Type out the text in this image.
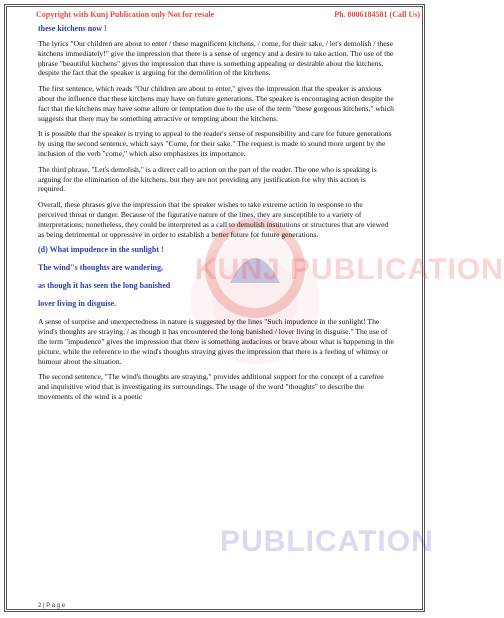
KUNJ PUBLICATION
PUBLICATION
Copyright with Kunj Publication only Not for resale	Ph. 8006184581 (Call Us)
these kitchens now !

The lyrics "Our children are about to enter / these magnificent kitchens, / come, for their sake, / let's demolish / these kitchens immediately!" give the impression that there is a sense of urgency and a desire to take action. The use of the phrase "beautiful kitchens" gives the impression that there is something appealing or desirable about the kitchens, despite the fact that the speaker is arguing for the demolition of the kitchens.

The first sentence, which reads "Our children are about to enter," gives the impression that the speaker is anxious about the influence that these kitchens may have on future generations. The speaker is encouraging action despite the fact that the kitchens may have some allure or temptation due to the use of the term "these gorgeous kitchens," which suggests that there may be something attractive or tempting about the kitchens.

It is possible that the speaker is trying to appeal to the reader's sense of responsibility and care for future generations by using the second sentence, which says "Come, for their sake." The request is made to sound more urgent by the inclusion of the verb "come," which also emphasizes its importance.

The third phrase, "Let's demolish," is a direct call to action on the part of the reader. The one who is speaking is arguing for the elimination of the kitchens, but they are not providing any justification for why this action is required.

Overall, these phrases give the impression that the speaker wishes to take extreme action in response to the perceived threat or danger. Because of the figurative nature of the lines, they are susceptible to a variety of interpretations; nonetheless, they could be interpreted as a call to demolish institutions or structures that are viewed as being detrimental or oppressive in order to establish a better future for future generations.

(d) What impudence in the sunlight !
The wind"s thoughts are wandering,
as though it has seen the long banished
lover living in disguise.

A sense of surprise and unexpectedness in nature is suggested by the lines "Such impudence in the sunlight! The wind's thoughts are straying, / as though it has encountered the long banished / lover living in disguise." The use of the term "impudence" gives the impression that there is something audacious or brave about what is happening in the picture, while the reference to the wind's thoughts straying gives the impression that there is a feeling of whimsy or humour about the situation.

The second sentence, "The wind's thoughts are straying," provides additional support for the concept of a carefree and inquisitive wind that is investigating its surroundings. The usage of the word "thoughts" to describe the movements of the wind is a poetic

2 | P a g e
